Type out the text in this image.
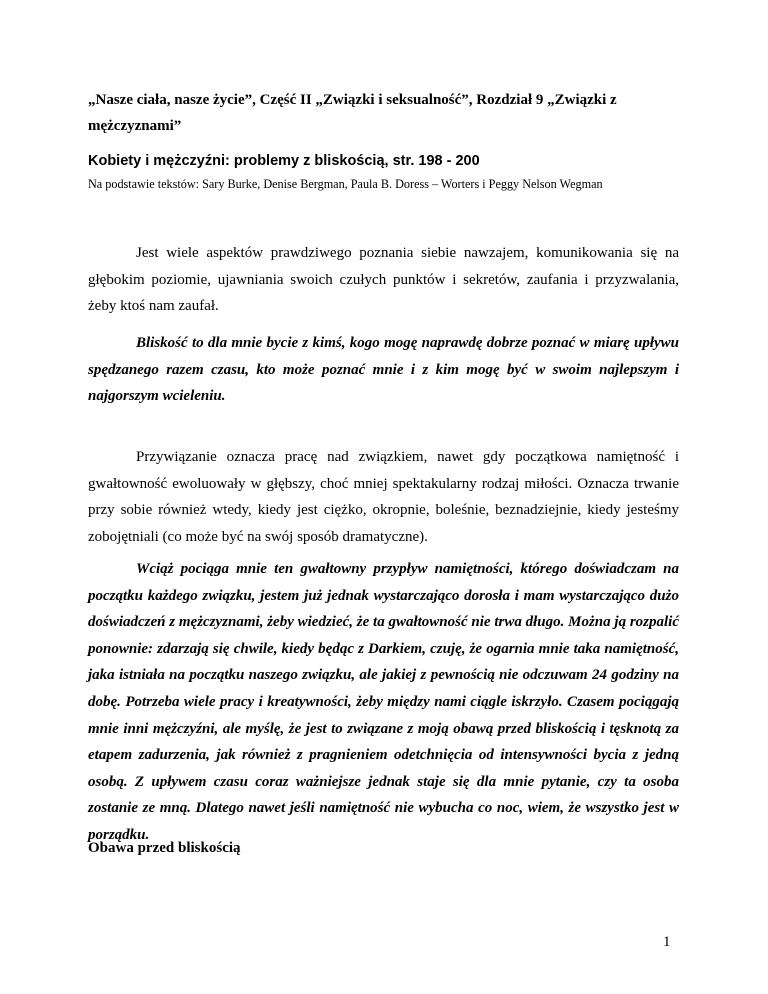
„Nasze ciała, nasze życie”, Część II „Związki i seksualność”, Rozdział 9 „Związki z mężczyznami”
Kobiety i mężczyźni: problemy z bliskością, str. 198 - 200
Na podstawie tekstów: Sary Burke, Denise Bergman, Paula B. Doress – Worters i Peggy Nelson Wegman

Jest wiele aspektów prawdziwego poznania siebie nawzajem, komunikowania się na głębokim poziomie, ujawniania swoich czułych punktów i sekretów, zaufania i przyzwalania, żeby ktoś nam zaufał.

Bliskość to dla mnie bycie z kimś, kogo mogę naprawdę dobrze poznać w miarę upływu spędzanego razem czasu, kto może poznać mnie i z kim mogę być w swoim najlepszym i najgorszym wcieleniu.

Przywiązanie oznacza pracę nad związkiem, nawet gdy początkowa namiętność i gwałtowność ewoluowały w głębszy, choć mniej spektakularny rodzaj miłości. Oznacza trwanie przy sobie również wtedy, kiedy jest ciężko, okropnie, boleśnie, beznadziejnie, kiedy jesteśmy zobojętniali (co może być na swój sposób dramatyczne).

Wciąż pociąga mnie ten gwałtowny przypływ namiętności, którego doświadczam na początku każdego związku, jestem już jednak wystarczająco dorosła i mam wystarczająco dużo doświadczeń z mężczyznami, żeby wiedzieć, że ta gwałtowność nie trwa długo. Można ją rozpalić ponownie: zdarzają się chwile, kiedy będąc z Darkiem, czuję, że ogarnia mnie taka namiętność, jaka istniała na początku naszego związku, ale jakiej z pewnością nie odczuwam 24 godziny na dobę. Potrzeba wiele pracy i kreatywności, żeby między nami ciągle iskrzyło. Czasem pociągają mnie inni mężczyźni, ale myślę, że jest to związane z moją obawą przed bliskością i tęsknotą za etapem zadurzenia, jak również z pragnieniem odetchnięcia od intensywności bycia z jedną osobą. Z upływem czasu coraz ważniejsze jednak staje się dla mnie pytanie, czy ta osoba zostanie ze mną. Dlatego nawet jeśli namiętność nie wybucha co noc, wiem, że wszystko jest w porządku.

Obawa przed bliskością
1
